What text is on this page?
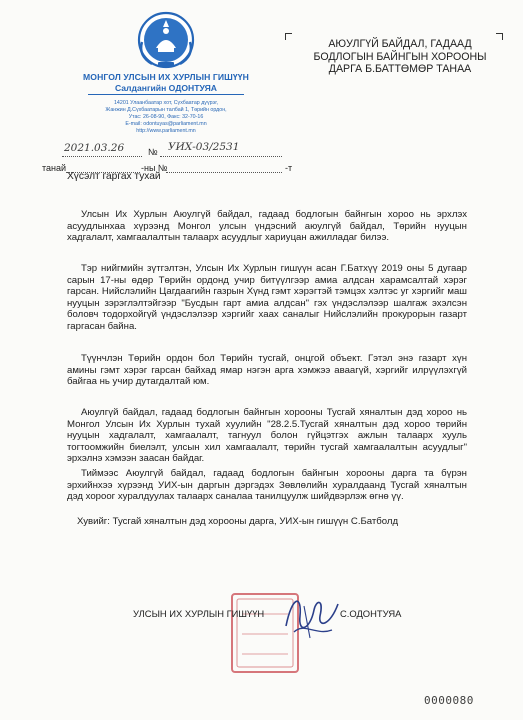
МОНГОЛ УЛСЫН ИХ ХУРЛЫН ГИШҮҮН
Салдангийн ОДОНТУЯА
14201 Улаанбаатар хот, Сүхбаатар дүүрэг,
Жанжин Д.Сүхбаатарын талбай 1, Төрийн ордон,
Утас: 26-08-90, Факс: 32-70-16
E-mail: odontuyas@parliament.mn
http://www.parliament.mn
АЮУЛГҮЙ БАЙДАЛ, ГАДААД
БОДЛОГЫН БАЙНГЫН ХОРООНЫ
ДАРГА Б.БАТТӨМӨР ТАНАА
2021.03.26	№ УИХ-03/2531
танай	-ны №	-т
Хүсэлт гаргах тухай

Улсын Их Хурлын Аюулгүй байдал, гадаад бодлогын байнгын хороо нь эрхлэх асуудлынхаа хүрээнд Монгол улсын үндэсний аюулгүй байдал, Төрийн нууцын хадгалалт, хамгаалалтын талаарх асуудлыг хариуцан ажилладаг билээ.

Тэр нийгмийн зүтгэлтэн, Улсын Их Хурлын гишүүн асан Г.Батхүү 2019 оны 5 дугаар сарын 17-ны өдөр Төрийн ордонд учир битүүлгээр амиа алдсан харамсалтай хэрэг гарсан. Нийслэлийн Цагдаагийн газрын Хүнд гэмт хэрэгтэй тэмцэх хэлтэс уг хэргийг маш нууцын зэрэглэлтэйгээр "Бусдын гарт амиа алдсан" гэх үндэслэлээр шалгаж эхэлсэн боловч тодорхойгүй үндэслэлээр хэргийг хаах саналыг Нийслэлийн прокурорын газарт гаргасан байна.

Түүнчлэн Төрийн ордон бол Төрийн тусгай, онцгой объект. Гэтэл энэ газарт хүн амины гэмт хэрэг гарсан байхад ямар нэгэн арга хэмжээ аваагүй, хэргийг илрүүлэхгүй байгаа нь учир дутагдалтай юм.

Аюулгүй байдал, гадаад бодлогын байнгын хорооны Тусгай хяналтын дэд хороо нь Монгол Улсын Их Хурлын тухай хуулийн "28.2.5.Тусгай хяналтын дэд хороо төрийн нууцын хадгалалт, хамгаалалт, тагнуул болон гүйцэтгэх ажлын талаарх хууль тогтоомжийн биелэлт, улсын хил хамгаалалт, төрийн тусгай хамгаалалтын асуудлыг" эрхэлнэ хэмээн заасан байдаг.

Тиймээс Аюулгүй байдал, гадаад бодлогын байнгын хорооны дарга та бүрэн эрхийнхээ хүрээнд УИХ-ын даргын дэргэдэх Зөвлөлийн хуралдаанд Тусгай хяналтын дэд хороог хуралдуулах талаарх саналаа танилцуулж шийдвэрлэж өгнө үү.

Хувийг: Тусгай хяналтын дэд хорооны дарга, УИХ-ын гишүүн С.Батболд
УЛСЫН ИХ ХУРЛЫН ГИШҮҮН	С.ОДОНТУЯА
0000080
